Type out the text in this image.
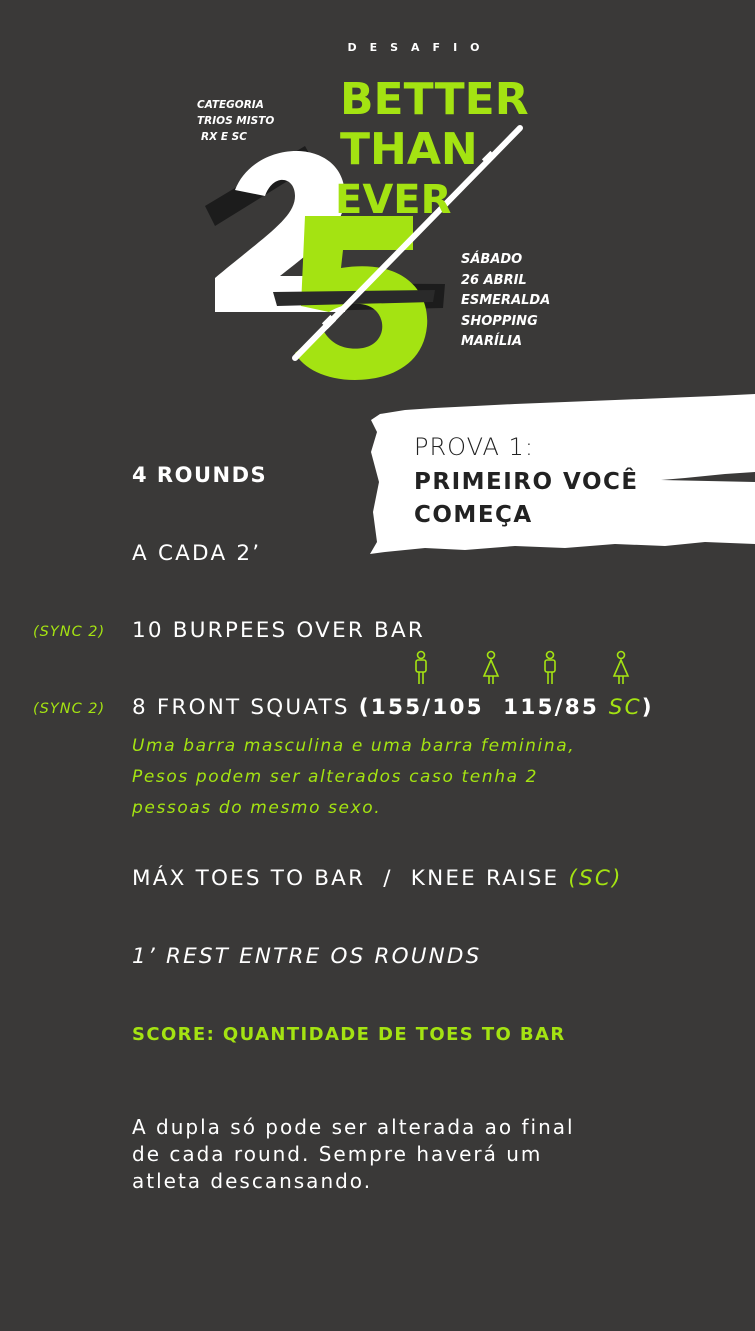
DESAFIO
CATEGORIA
TRIOS MISTO
RX E SC
BETTER
THAN
EVER
SÁBADO
26 ABRIL
ESMERALDA
SHOPPING
MARÍLIA
PROVA 1:
PRIMEIRO VOCÊ
COMEÇA
4 ROUNDS
A CADA 2’
(SYNC 2) 10 BURPEES OVER BAR
(SYNC 2) 8 FRONT SQUATS (155/105  115/85 SC)
Uma barra masculina e uma barra feminina,
Pesos podem ser alterados caso tenha 2
pessoas do mesmo sexo.
MÁX TOES TO BAR  /  KNEE RAISE (SC)
1’ REST ENTRE OS ROUNDS
SCORE: QUANTIDADE DE TOES TO BAR
A dupla só pode ser alterada ao final
de cada round. Sempre haverá um
atleta descansando.
